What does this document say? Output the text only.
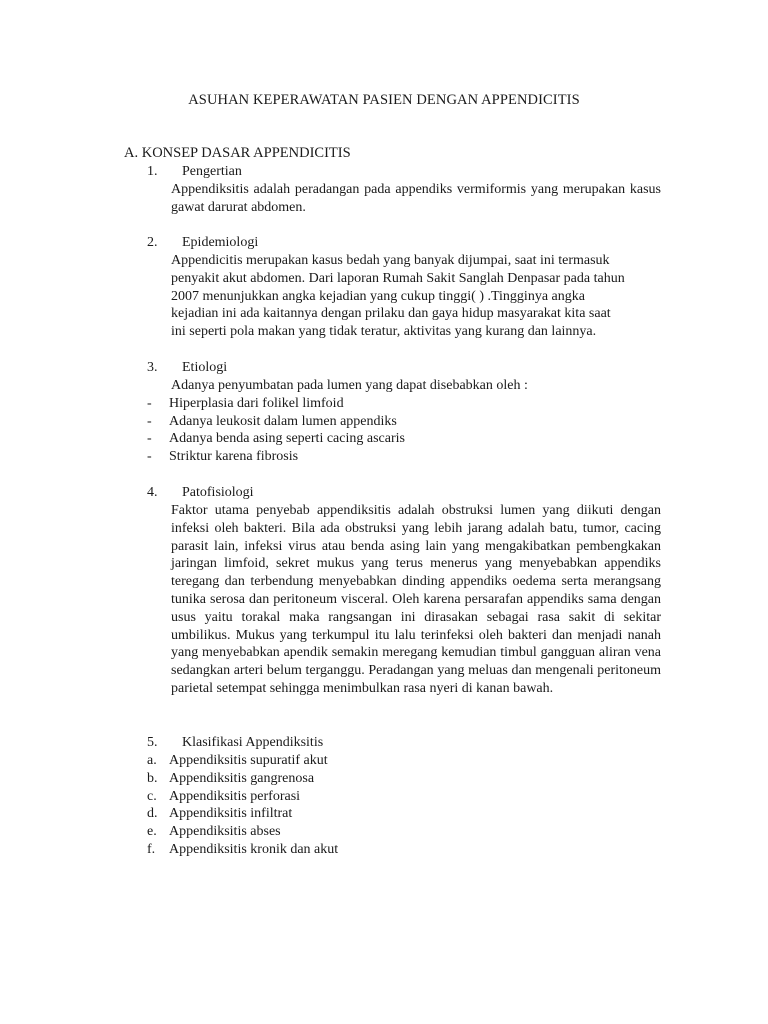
ASUHAN KEPERAWATAN PASIEN DENGAN APPENDICITIS
A. KONSEP DASAR APPENDICITIS
1.	Pengertian
Appendiksitis adalah peradangan pada appendiks vermiformis yang merupakan kasus gawat darurat abdomen.
2.	Epidemiologi
Appendicitis merupakan kasus bedah yang banyak dijumpai, saat ini termasuk
penyakit akut abdomen. Dari laporan Rumah Sakit Sanglah Denpasar pada tahun
2007 menunjukkan angka kejadian yang cukup tinggi( ) .Tingginya angka
kejadian ini ada kaitannya dengan prilaku dan gaya hidup masyarakat kita saat
ini seperti pola makan yang tidak teratur, aktivitas yang kurang dan lainnya.
3.	Etiologi
Adanya penyumbatan pada lumen yang dapat disebabkan oleh :
-	Hiperplasia dari folikel limfoid
-	Adanya leukosit dalam lumen appendiks
-	Adanya benda asing seperti cacing ascaris
-	Striktur karena fibrosis
4.	Patofisiologi
Faktor utama penyebab appendiksitis adalah obstruksi lumen yang diikuti dengan infeksi oleh bakteri. Bila ada obstruksi yang lebih jarang adalah batu, tumor, cacing parasit lain, infeksi virus atau benda asing lain yang mengakibatkan pembengkakan jaringan limfoid, sekret mukus yang terus menerus yang menyebabkan appendiks teregang dan terbendung menyebabkan dinding appendiks oedema serta merangsang tunika serosa dan peritoneum visceral. Oleh karena persarafan appendiks sama dengan usus yaitu torakal maka rangsangan ini dirasakan sebagai rasa sakit di sekitar umbilikus. Mukus yang terkumpul itu lalu terinfeksi oleh bakteri dan menjadi nanah yang menyebabkan apendik semakin meregang kemudian timbul gangguan aliran vena sedangkan arteri belum terganggu. Peradangan yang meluas dan mengenali peritoneum parietal setempat sehingga menimbulkan rasa nyeri di kanan bawah.
5.	Klasifikasi Appendiksitis
a. Appendiksitis supuratif akut
b. Appendiksitis gangrenosa
c. Appendiksitis perforasi
d. Appendiksitis infiltrat
e. Appendiksitis abses
f. Appendiksitis kronik dan akut
